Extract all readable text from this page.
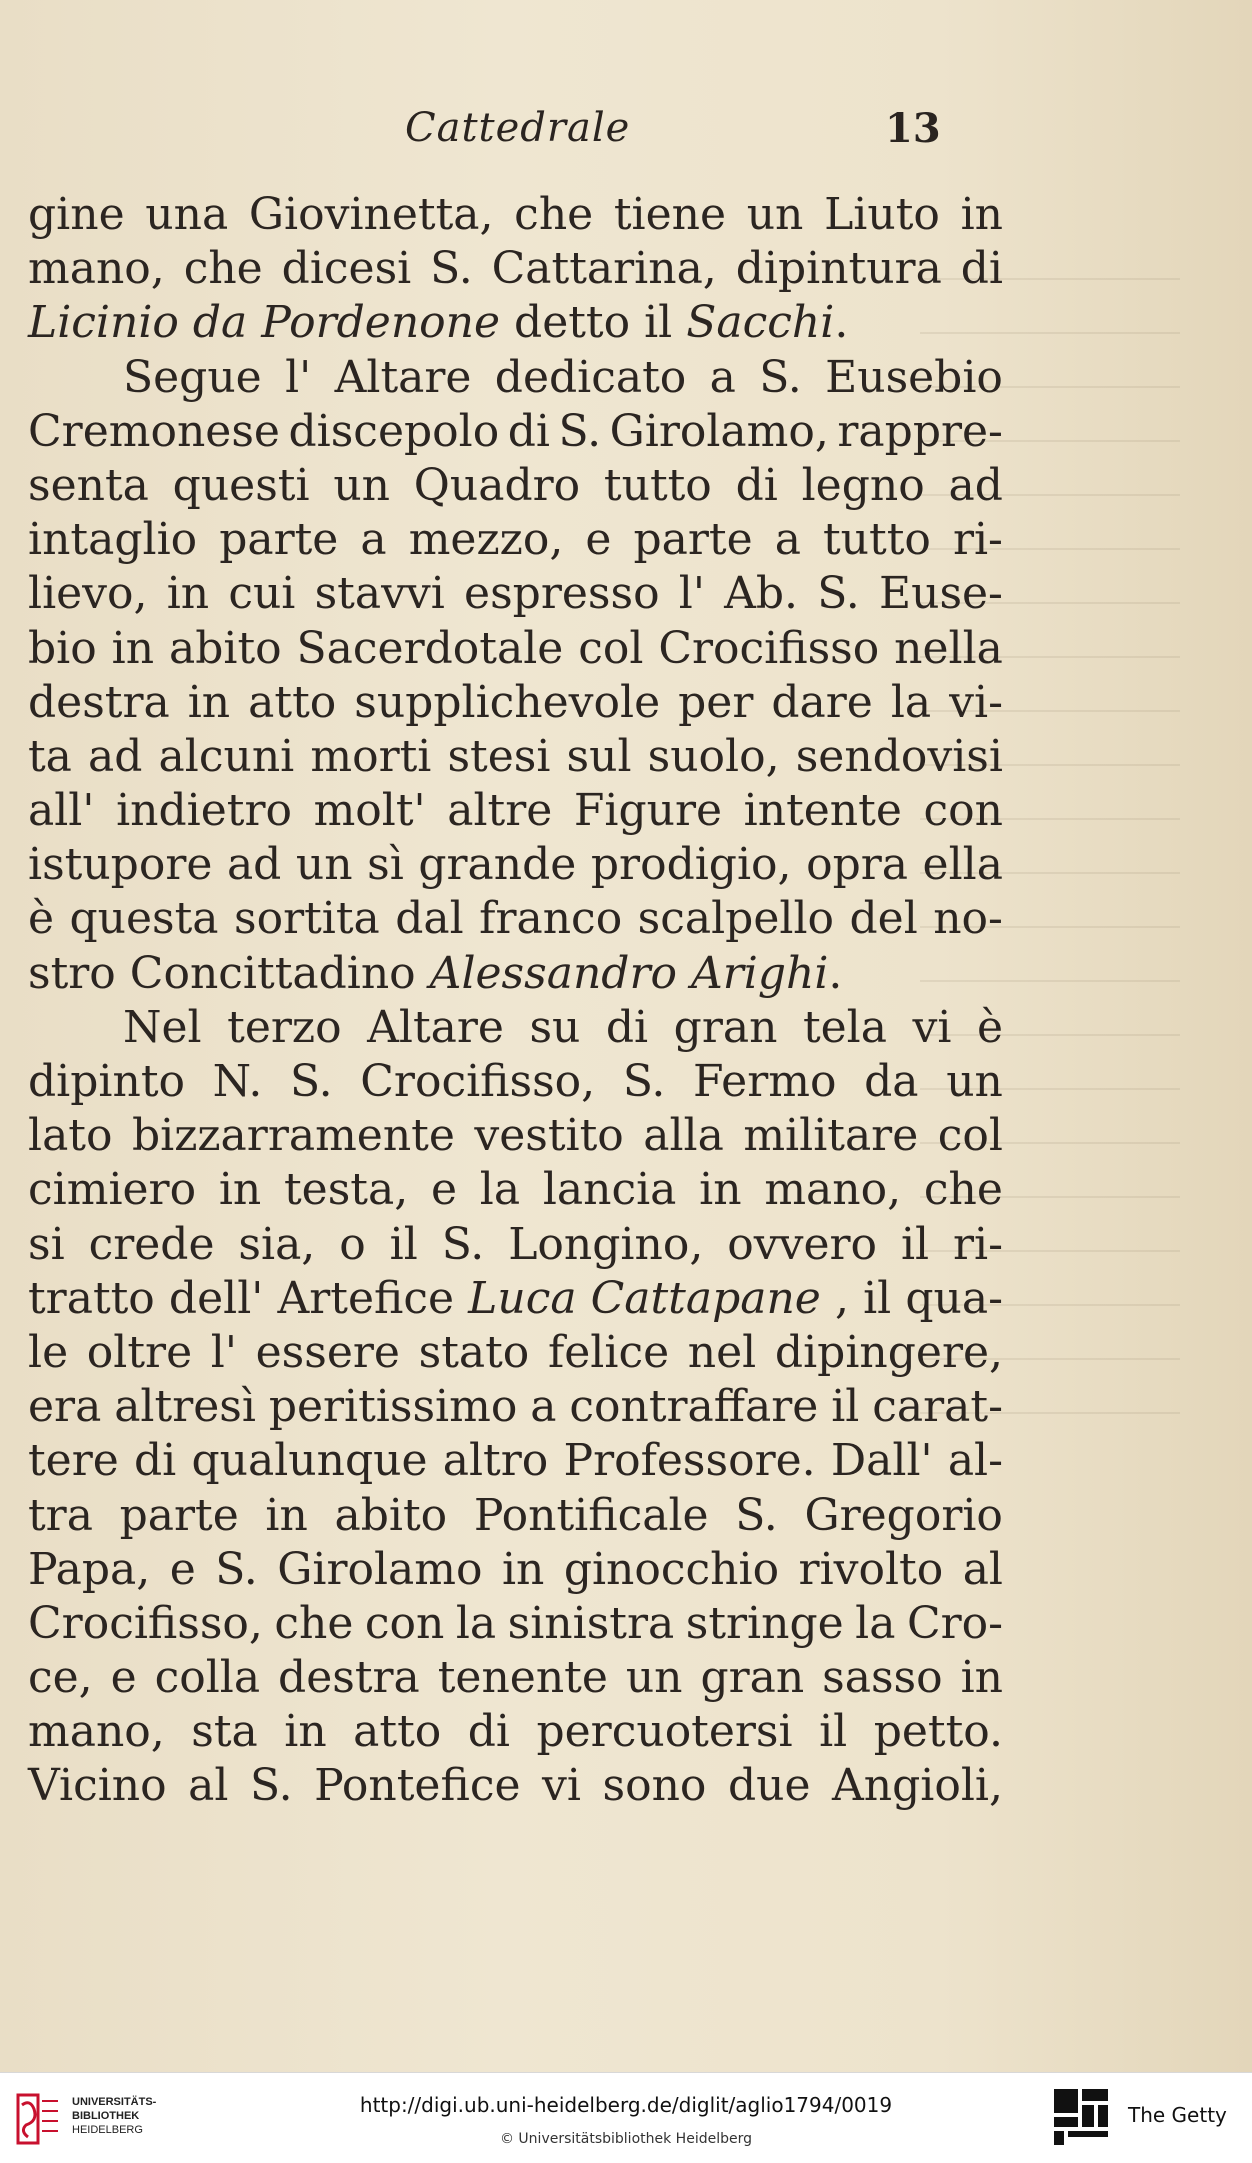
Cattedrale	13
gine una Giovinetta, che tiene un Liuto in
mano, che dicesi S. Cattarina, dipintura di
Licinio da Pordenone detto il Sacchi .
Segue l' Altare dedicato a S. Eusebio
Cremonese discepolo di S. Girolamo, rappre-
senta questi un Quadro tutto di legno ad
intaglio parte a mezzo, e parte a tutto ri-
lievo, in cui stavvi espresso l' Ab. S. Euse-
bio in abito Sacerdotale col Crocifisso nella
destra in atto supplichevole per dare la vi-
ta ad alcuni morti stesi sul suolo, sendovisi
all' indietro molt' altre Figure intente con
istupore ad un sì grande prodigio, opra ella
è questa sortita dal franco scalpello del no-
stro Concittadino Alessandro Arighi .
Nel terzo Altare su di gran tela vi è
dipinto N. S. Crocifisso, S. Fermo da un
lato bizzarramente vestito alla militare col
cimiero in testa, e la lancia in mano, che
si crede sia, o il S. Longino, ovvero il ri-
tratto dell' Artefice Luca Cattapane , il qua-
le oltre l' essere stato felice nel dipingere,
era altresì peritissimo a contraffare il carat-
tere di qualunque altro Professore. Dall' al-
tra parte in abito Pontificale S. Gregorio
Papa, e S. Girolamo in ginocchio rivolto al
Crocifisso, che con la sinistra stringe la Cro-
ce, e colla destra tenente un gran sasso in
mano, sta in atto di percuotersi il petto.
Vicino al S. Pontefice vi sono due Angioli,
UNIVERSITÄTS-
BIBLIOTHEK
HEIDELBERG
http://digi.ub.uni-heidelberg.de/diglit/aglio1794/0019
© Universitätsbibliothek Heidelberg
The Getty
